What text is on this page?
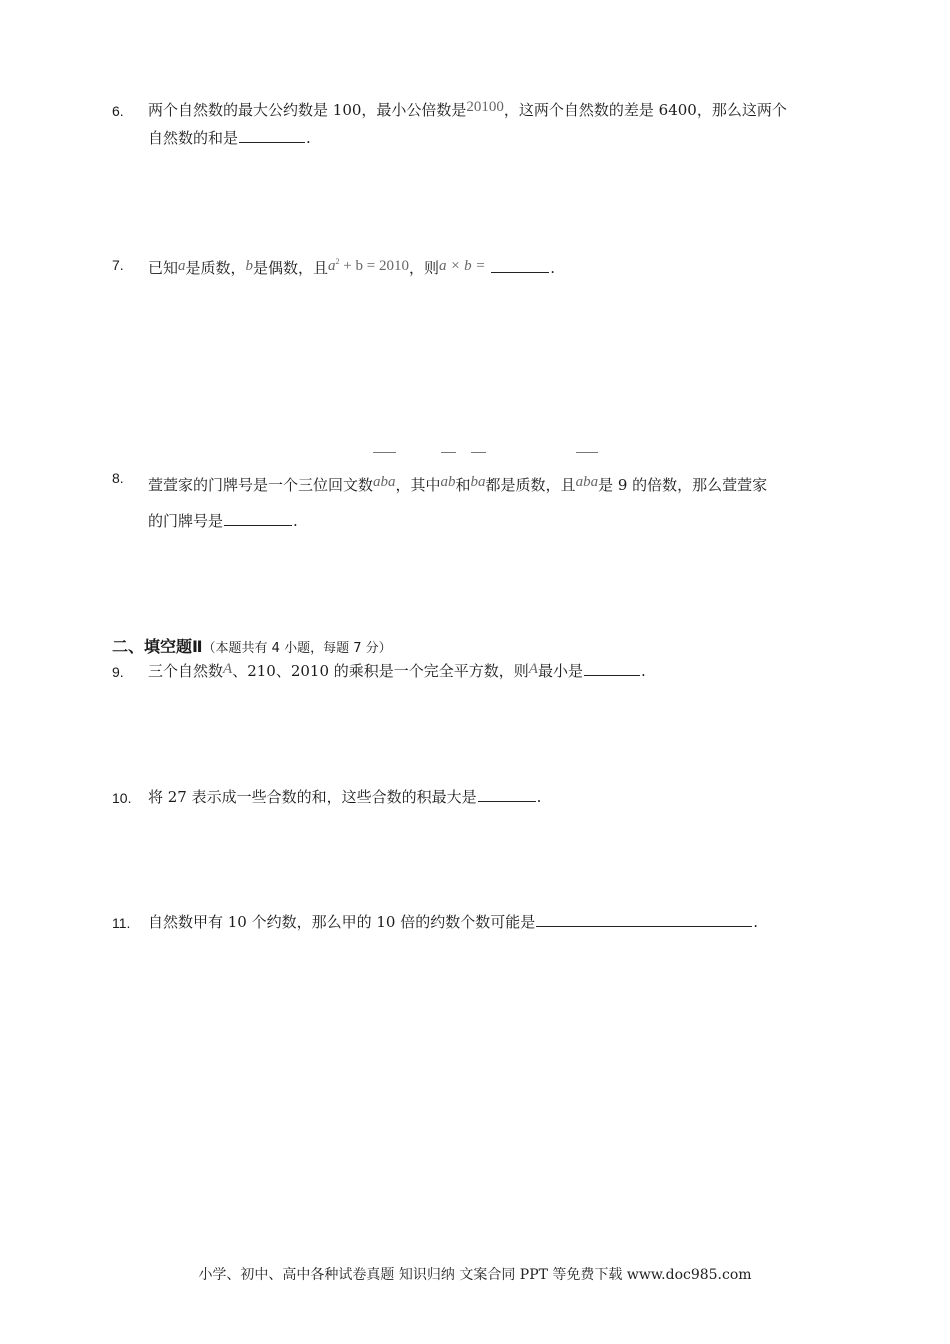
6. 两个自然数的最大公约数是 100，最小公倍数是20100，这两个自然数的差是 6400，那么这两个
自然数的和是	.
7. 已知a是质数，b是偶数，且$a^2 + b = 2010$，则a × b =	.
8. 萱萱家的门牌号是一个三位回文数aba，其中ab和ba都是质数，且aba是 9 的倍数，那么萱萱家
的门牌号是	.
二、填空题Ⅱ（本题共有 4 小题，每题 7 分）
9. 三个自然数A、210、2010 的乘积是一个完全平方数，则A最小是	.
10. 将 27 表示成一些合数的和，这些合数的积最大是	.
11. 自然数甲有 10 个约数，那么甲的 10 倍的约数个数可能是	.
小学、初中、高中各种试卷真题 知识归纳 文案合同 PPT 等免费下载 www.doc985.com
